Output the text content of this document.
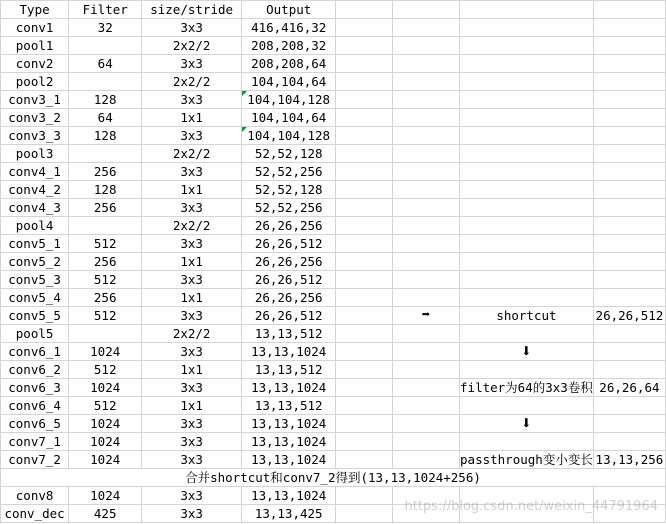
Type	Filter	size/stride	Output				
conv1	32	3x3	416,416,32				
pool1		2x2/2	208,208,32				
conv2	64	3x3	208,208,64				
pool2		2x2/2	104,104,64				
conv3_1	128	3x3	104,104,128				
conv3_2	64	1x1	104,104,64				
conv3_3	128	3x3	104,104,128				
pool3		2x2/2	52,52,128				
conv4_1	256	3x3	52,52,256				
conv4_2	128	1x1	52,52,128				
conv4_3	256	3x3	52,52,256				
pool4		2x2/2	26,26,256				
conv5_1	512	3x3	26,26,512				
conv5_2	256	1x1	26,26,256				
conv5_3	512	3x3	26,26,512				
conv5_4	256	1x1	26,26,256				
conv5_5	512	3x3	26,26,512		➡	shortcut	26,26,512
pool5		2x2/2	13,13,512				
conv6_1	1024	3x3	13,13,1024			⬇	
conv6_2	512	1x1	13,13,512				
conv6_3	1024	3x3	13,13,1024			filter为64的3x3卷积	26,26,64
conv6_4	512	1x1	13,13,512				
conv6_5	1024	3x3	13,13,1024			⬇	
conv7_1	1024	3x3	13,13,1024				
conv7_2	1024	3x3	13,13,1024			passthrough变小变长	13,13,256
合并shortcut和conv7_2得到(13,13,1024+256)							
conv8	1024	3x3	13,13,1024				
conv_dec	425	3x3	13,13,425					https://blog.csdn.net/weixin_44791964
